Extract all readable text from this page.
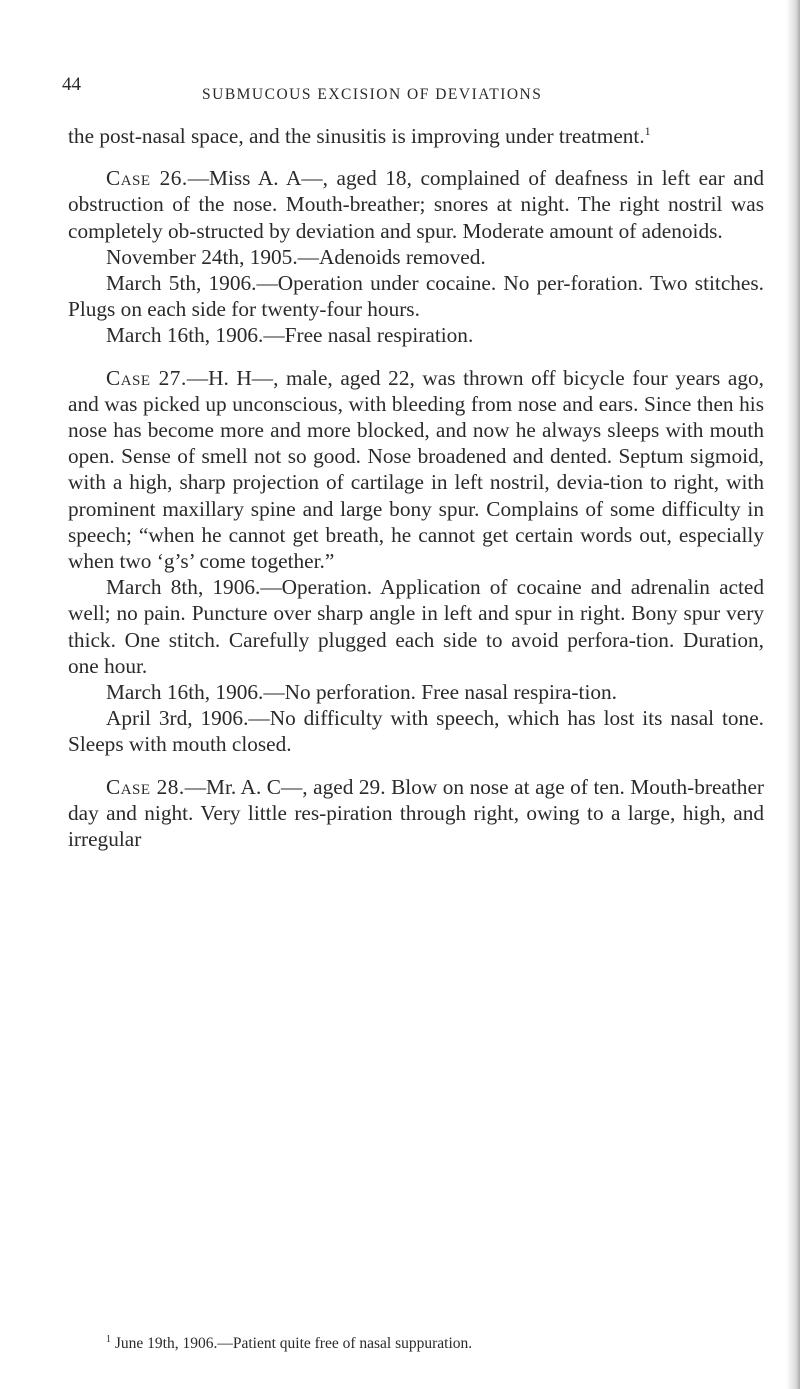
44	SUBMUCOUS EXCISION OF DEVIATIONS

the post-nasal space, and the sinusitis is improving under treatment.$^1$

Case 26.—Miss A. A—, aged 18, complained of deafness in left ear and obstruction of the nose. Mouth-breather; snores at night. The right nostril was completely ob-structed by deviation and spur. Moderate amount of adenoids.

November 24th, 1905.—Adenoids removed.

March 5th, 1906.—Operation under cocaine. No per-foration. Two stitches. Plugs on each side for twenty-four hours.

March 16th, 1906.—Free nasal respiration.

Case 27.—H. H—, male, aged 22, was thrown off bicycle four years ago, and was picked up unconscious, with bleeding from nose and ears. Since then his nose has become more and more blocked, and now he always sleeps with mouth open. Sense of smell not so good. Nose broadened and dented. Septum sigmoid, with a high, sharp projection of cartilage in left nostril, devia-tion to right, with prominent maxillary spine and large bony spur. Complains of some difficulty in speech; “when he cannot get breath, he cannot get certain words out, especially when two ‘g’s’ come together.”

March 8th, 1906.—Operation. Application of cocaine and adrenalin acted well; no pain. Puncture over sharp angle in left and spur in right. Bony spur very thick. One stitch. Carefully plugged each side to avoid perfora-tion. Duration, one hour.

March 16th, 1906.—No perforation. Free nasal respira-tion.

April 3rd, 1906.—No difficulty with speech, which has lost its nasal tone. Sleeps with mouth closed.

Case 28.—Mr. A. C—, aged 29. Blow on nose at age of ten. Mouth-breather day and night. Very little res-piration through right, owing to a large, high, and irregular

$^1$ June 19th, 1906.—Patient quite free of nasal suppuration.
